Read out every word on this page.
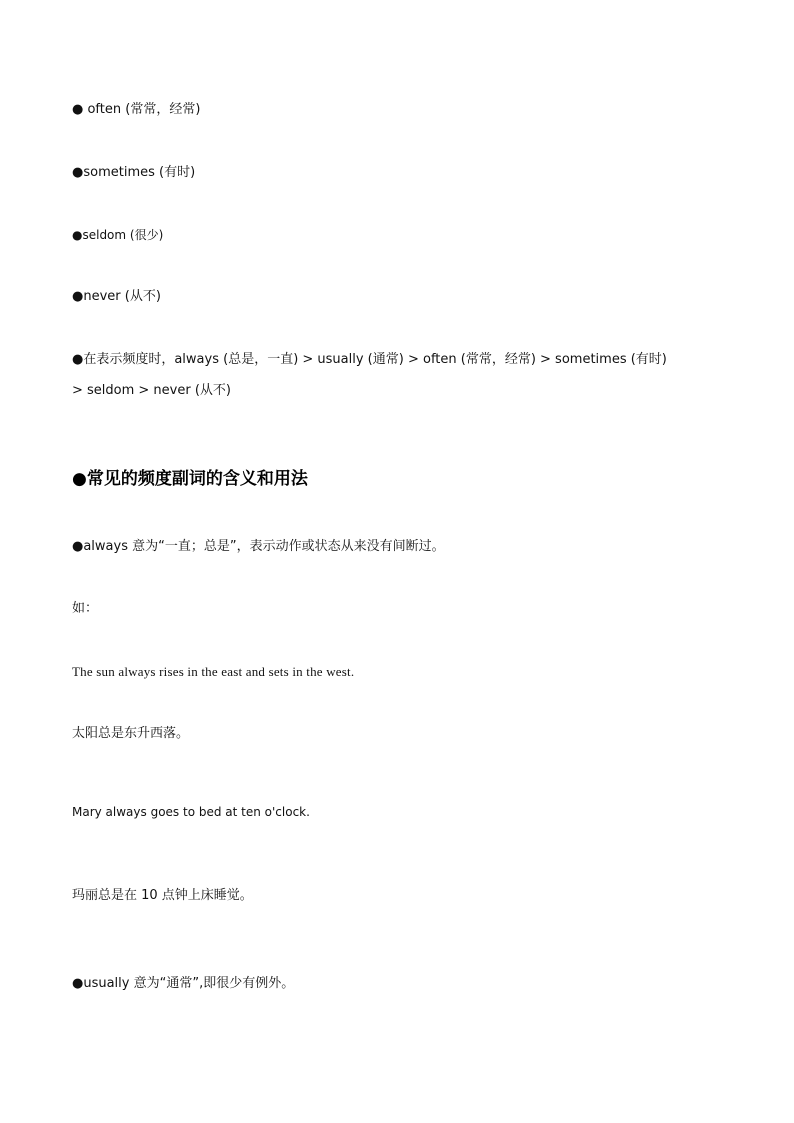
● often (常常，经常)
●sometimes (有时)
●seldom (很少)
●never (从不)
●在表示频度时，always (总是，一直) > usually (通常) > often (常常，经常) > sometimes (有时)
> seldom > never (从不)
●常见的频度副词的含义和用法
●always 意为“一直；总是”，表示动作或状态从来没有间断过。
如：
The sun always rises in the east and sets in the west.
太阳总是东升西落。
Mary always goes to bed at ten o'clock.
玛丽总是在 10 点钟上床睡觉。
●usually 意为“通常”,即很少有例外。
